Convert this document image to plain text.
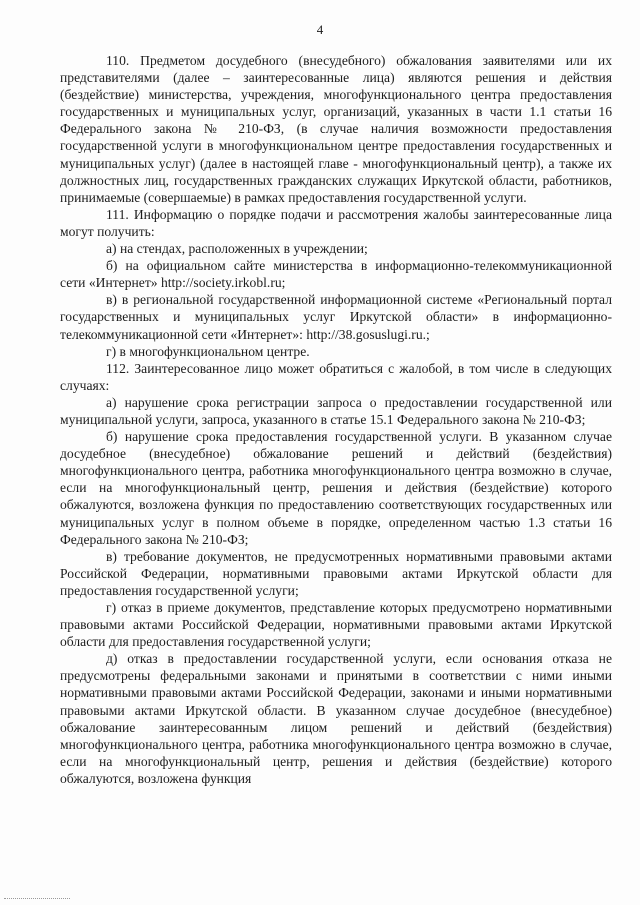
4

110. Предметом досудебного (внесудебного) обжалования заявителями или их представителями (далее – заинтересованные лица) являются решения и действия (бездействие) министерства, учреждения, многофункционального центра предоставления государственных и муниципальных услуг, организаций, указанных в части 1.1 статьи 16 Федерального закона № 210-ФЗ, (в случае наличия возможности предоставления государственной услуги в многофункциональном центре предоставления государственных и муниципальных услуг) (далее в настоящей главе - многофункциональный центр), а также их должностных лиц, государственных гражданских служащих Иркутской области, работников, принимаемые (совершаемые) в рамках предоставления государственной услуги.

111. Информацию о порядке подачи и рассмотрения жалобы заинтересованные лица могут получить:

а) на стендах, расположенных в учреждении;

б) на официальном сайте министерства в информационно-телекоммуникационной сети «Интернет» http://society.irkobl.ru;

в) в региональной государственной информационной системе «Региональный портал государственных и муниципальных услуг Иркутской области» в информационно-телекоммуникационной сети «Интернет»: http://38.gosuslugi.ru.;

г) в многофункциональном центре.

112. Заинтересованное лицо может обратиться с жалобой, в том числе в следующих случаях:

а) нарушение срока регистрации запроса о предоставлении государственной или муниципальной услуги, запроса, указанного в статье 15.1 Федерального закона № 210-ФЗ;

б) нарушение срока предоставления государственной услуги. В указанном случае досудебное (внесудебное) обжалование решений и действий (бездействия) многофункционального центра, работника многофункционального центра возможно в случае, если на многофункциональный центр, решения и действия (бездействие) которого обжалуются, возложена функция по предоставлению соответствующих государственных или муниципальных услуг в полном объеме в порядке, определенном частью 1.3 статьи 16 Федерального закона № 210-ФЗ;

в) требование документов, не предусмотренных нормативными правовыми актами Российской Федерации, нормативными правовыми актами Иркутской области для предоставления государственной услуги;

г) отказ в приеме документов, представление которых предусмотрено нормативными правовыми актами Российской Федерации, нормативными правовыми актами Иркутской области для предоставления государственной услуги;

д) отказ в предоставлении государственной услуги, если основания отказа не предусмотрены федеральными законами и принятыми в соответствии с ними иными нормативными правовыми актами Российской Федерации, законами и иными нормативными правовыми актами Иркутской области. В указанном случае досудебное (внесудебное) обжалование заинтересованным лицом решений и действий (бездействия) многофункционального центра, работника многофункционального центра возможно в случае, если на многофункциональный центр, решения и действия (бездействие) которого обжалуются, возложена функция
